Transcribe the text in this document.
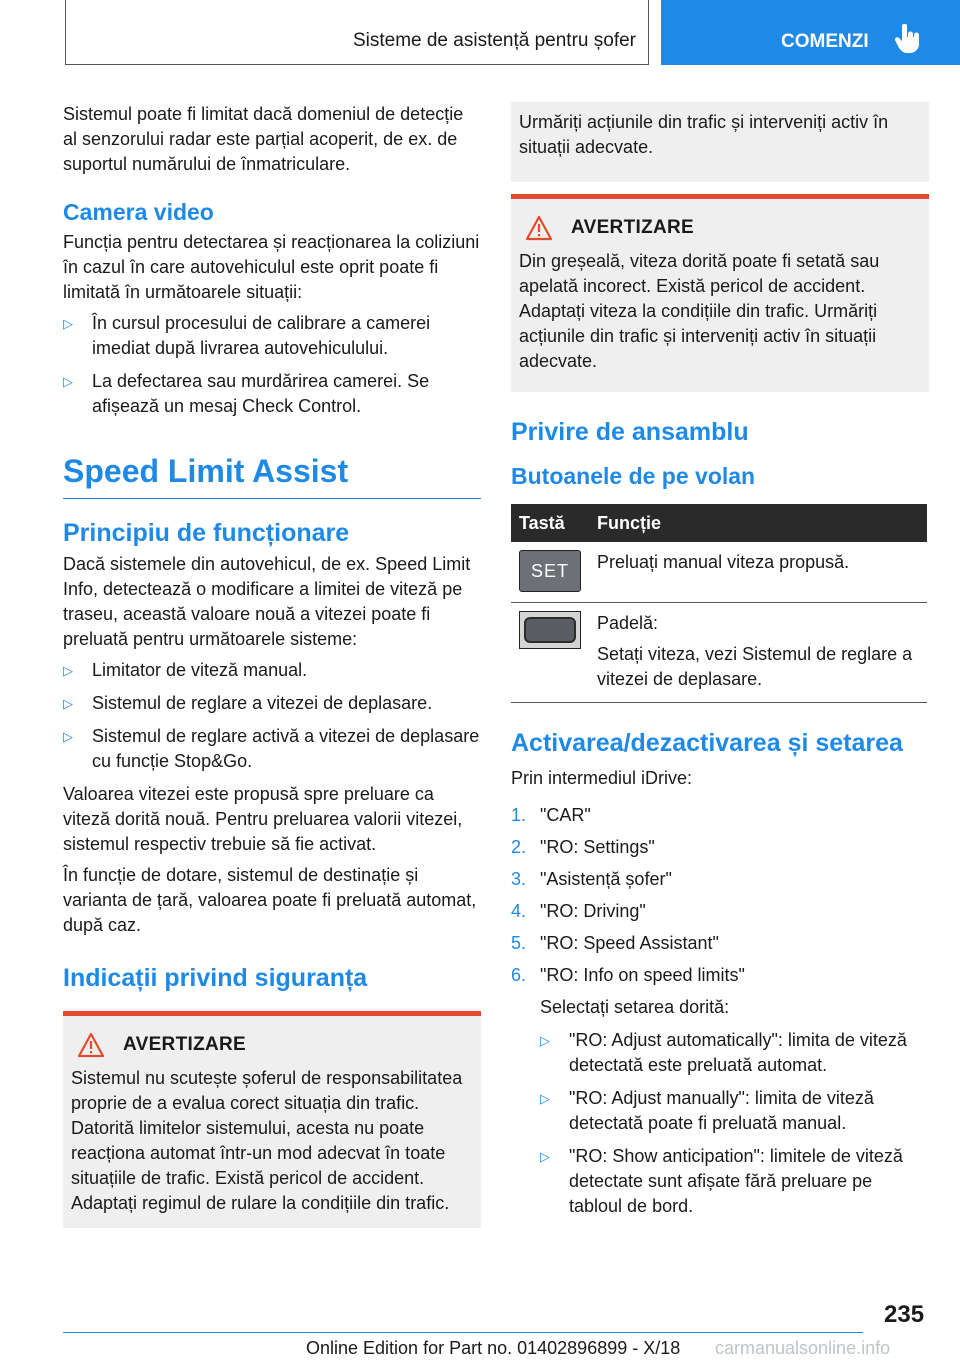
Sisteme de asistență pentru șofer	COMENZI

Sistemul poate fi limitat dacă domeniul de detecție al senzorului radar este parțial acoperit, de ex. de suportul numărului de înmatriculare.

Camera video

Funcția pentru detectarea și reacționarea la coliziuni în cazul în care autovehiculul este oprit poate fi limitată în următoarele situații:

▷ În cursul procesului de calibrare a camerei imediat după livrarea autovehiculului.
▷ La defectarea sau murdărirea camerei. Se afișează un mesaj Check Control.
Speed Limit Assist
Principiu de funcționare

Dacă sistemele din autovehicul, de ex. Speed Limit Info, detectează o modificare a limitei de viteză pe traseu, această valoare nouă a vitezei poate fi preluată pentru următoarele sisteme:

▷ Limitator de viteză manual.
▷ Sistemul de reglare a vitezei de deplasare.
▷ Sistemul de reglare activă a vitezei de deplasare cu funcție Stop&Go.

Valoarea vitezei este propusă spre preluare ca viteză dorită nouă. Pentru preluarea valorii vitezei, sistemul respectiv trebuie să fie activat.

În funcție de dotare, sistemul de destinație și varianta de țară, valoarea poate fi preluată automat, după caz.

Indicații privind siguranța
AVERTIZARE

Sistemul nu scutește șoferul de responsabilitatea proprie de a evalua corect situația din trafic. Datorită limitelor sistemului, acesta nu poate reacționa automat într-un mod adecvat în toate situațiile de trafic. Există pericol de accident. Adaptați regimul de rulare la condițiile din trafic.

Urmăriți acțiunile din trafic și interveniți activ în situații adecvate.

AVERTIZARE

Din greșeală, viteza dorită poate fi setată sau apelată incorect. Există pericol de accident. Adaptați viteza la condițiile din trafic. Urmăriți acțiunile din trafic și interveniți activ în situații adecvate.

Privire de ansamblu
Butoanele de pe volan
Tastă	Funcție

SET	Preluați manual viteza propusă.

	Padelă:
Setați viteza, vezi Sistemul de reglare a vitezei de deplasare.
Activarea/dezactivarea și setarea

Prin intermediul iDrive:

1. "CAR"
2. "RO: Settings"
3. "Asistență șofer"
4. "RO: Driving"
5. "RO: Speed Assistant"
6. "RO: Info on speed limits"

Selectați setarea dorită:

▷ "RO: Adjust automatically": limita de viteză detectată este preluată automat.
▷ "RO: Adjust manually": limita de viteză detectată poate fi preluată manual.
▷ "RO: Show anticipation": limitele de viteză detectate sunt afișate fără preluare pe tabloul de bord.
235
Online Edition for Part no. 01402896899 - X/18 carmanualsonline.info
